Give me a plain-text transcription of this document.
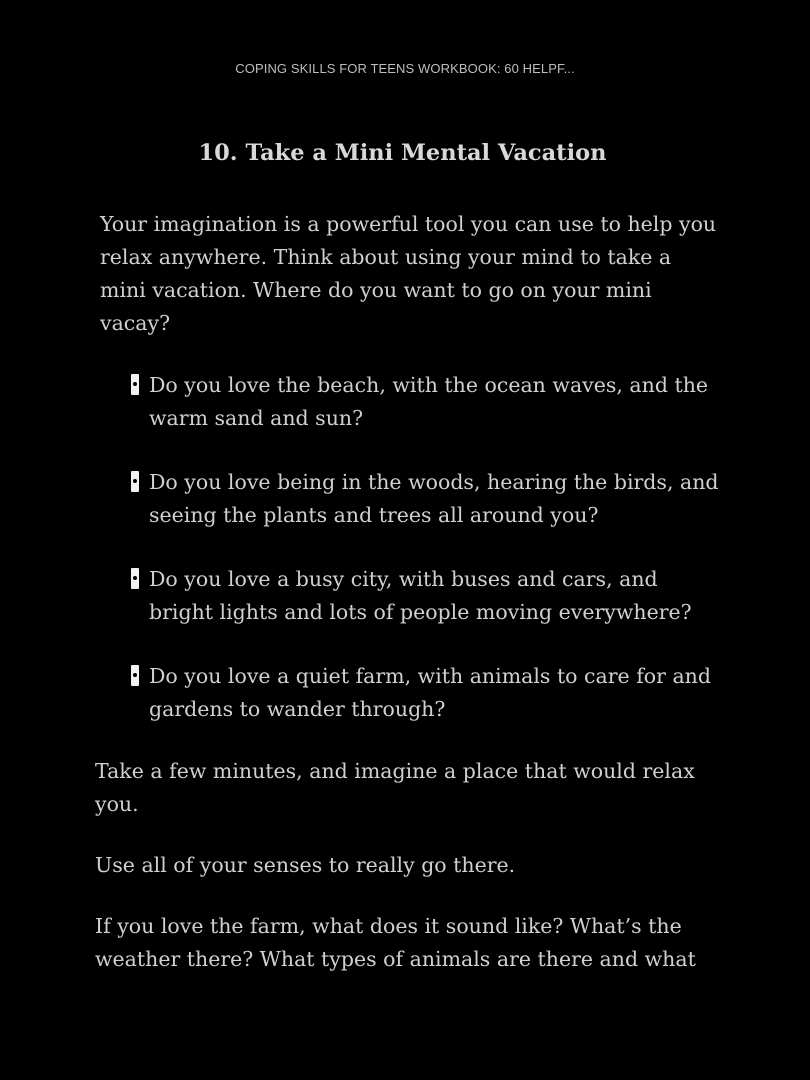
COPING SKILLS FOR TEENS WORKBOOK: 60 HELPF...
10. Take a Mini Mental Vacation

Your imagination is a powerful tool you can use to help you relax anywhere. Think about using your mind to take a mini vacation. Where do you want to go on your mini vacay?

Do you love the beach, with the ocean waves, and the warm sand and sun?
Do you love being in the woods, hearing the birds, and seeing the plants and trees all around you?
Do you love a busy city, with buses and cars, and bright lights and lots of people moving everywhere?
Do you love a quiet farm, with animals to care for and gardens to wander through?

Take a few minutes, and imagine a place that would relax you.

Use all of your senses to really go there.

If you love the farm, what does it sound like? What’s the weather there? What types of animals are there and what
